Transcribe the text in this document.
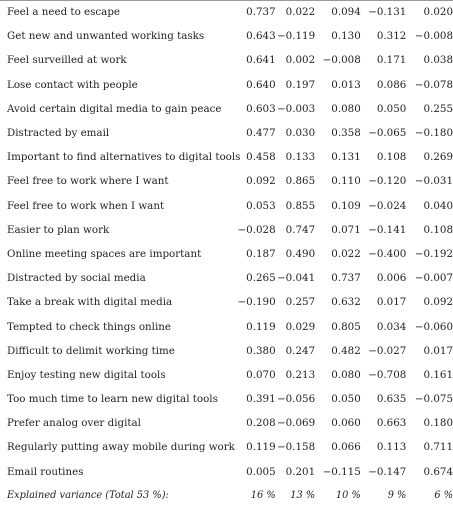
Feel a need to escape	0.737	0.022	0.094	−0.131	0.020
Get new and unwanted working tasks	0.643	−0.119	0.130	0.312	−0.008
Feel surveilled at work	0.641	0.002	−0.008	0.171	0.038
Lose contact with people	0.640	0.197	0.013	0.086	−0.078
Avoid certain digital media to gain peace	0.603	−0.003	0.080	0.050	0.255
Distracted by email	0.477	0.030	0.358	−0.065	−0.180
Important to find alternatives to digital tools	0.458	0.133	0.131	0.108	0.269
Feel free to work where I want	0.092	0.865	0.110	−0.120	−0.031
Feel free to work when I want	0.053	0.855	0.109	−0.024	0.040
Easier to plan work	−0.028	0.747	0.071	−0.141	0.108
Online meeting spaces are important	0.187	0.490	0.022	−0.400	−0.192
Distracted by social media	0.265	−0.041	0.737	0.006	−0.007
Take a break with digital media	−0.190	0.257	0.632	0.017	0.092
Tempted to check things online	0.119	0.029	0.805	0.034	−0.060
Difficult to delimit working time	0.380	0.247	0.482	−0.027	0.017
Enjoy testing new digital tools	0.070	0.213	0.080	−0.708	0.161
Too much time to learn new digital tools	0.391	−0.056	0.050	0.635	−0.075
Prefer analog over digital	0.208	−0.069	0.060	0.663	0.180
Regularly putting away mobile during work	0.119	−0.158	0.066	0.113	0.711
Email routines	0.005	0.201	−0.115	−0.147	0.674
Explained variance (Total 53 %):	16 %	13 %	10 %	9 %	6 %
